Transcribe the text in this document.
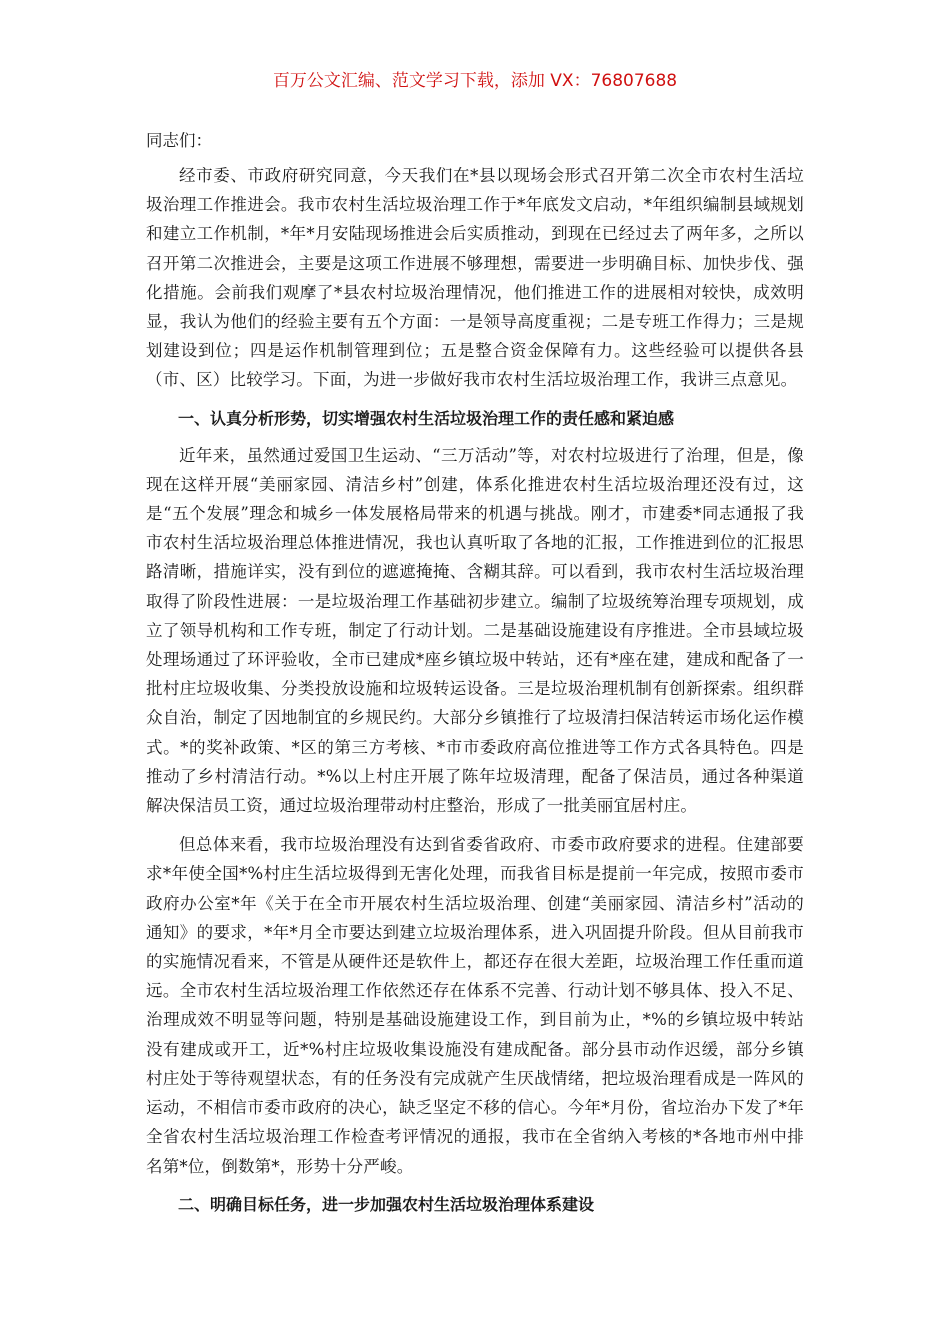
百万公文汇编、范文学习下载，添加 VX：76807688
同志们：

经市委、市政府研究同意，今天我们在*县以现场会形式召开第二次全市农村生活垃圾治理工作推进会。我市农村生活垃圾治理工作于*年底发文启动，*年组织编制县域规划和建立工作机制，*年*月安陆现场推进会后实质推动，到现在已经过去了两年多，之所以召开第二次推进会，主要是这项工作进展不够理想，需要进一步明确目标、加快步伐、强化措施。会前我们观摩了*县农村垃圾治理情况，他们推进工作的进展相对较快，成效明显，我认为他们的经验主要有五个方面：一是领导高度重视；二是专班工作得力；三是规划建设到位；四是运作机制管理到位；五是整合资金保障有力。这些经验可以提供各县（市、区）比较学习。下面，为进一步做好我市农村生活垃圾治理工作，我讲三点意见。

一、认真分析形势，切实增强农村生活垃圾治理工作的责任感和紧迫感

近年来，虽然通过爱国卫生运动、“三万活动”等，对农村垃圾进行了治理，但是，像现在这样开展“美丽家园、清洁乡村”创建，体系化推进农村生活垃圾治理还没有过，这是“五个发展”理念和城乡一体发展格局带来的机遇与挑战。刚才，市建委*同志通报了我市农村生活垃圾治理总体推进情况，我也认真听取了各地的汇报，工作推进到位的汇报思路清晰，措施详实，没有到位的遮遮掩掩、含糊其辞。可以看到，我市农村生活垃圾治理取得了阶段性进展：一是垃圾治理工作基础初步建立。编制了垃圾统筹治理专项规划，成立了领导机构和工作专班，制定了行动计划。二是基础设施建设有序推进。全市县域垃圾处理场通过了环评验收，全市已建成*座乡镇垃圾中转站，还有*座在建，建成和配备了一批村庄垃圾收集、分类投放设施和垃圾转运设备。三是垃圾治理机制有创新探索。组织群众自治，制定了因地制宜的乡规民约。大部分乡镇推行了垃圾清扫保洁转运市场化运作模式。*的奖补政策、*区的第三方考核、*市市委政府高位推进等工作方式各具特色。四是推动了乡村清洁行动。*%以上村庄开展了陈年垃圾清理，配备了保洁员，通过各种渠道解决保洁员工资，通过垃圾治理带动村庄整治，形成了一批美丽宜居村庄。

但总体来看，我市垃圾治理没有达到省委省政府、市委市政府要求的进程。住建部要求*年使全国*%村庄生活垃圾得到无害化处理，而我省目标是提前一年完成，按照市委市政府办公室*年《关于在全市开展农村生活垃圾治理、创建“美丽家园、清洁乡村”活动的通知》的要求，*年*月全市要达到建立垃圾治理体系，进入巩固提升阶段。但从目前我市的实施情况看来，不管是从硬件还是软件上，都还存在很大差距，垃圾治理工作任重而道远。全市农村生活垃圾治理工作依然还存在体系不完善、行动计划不够具体、投入不足、治理成效不明显等问题，特别是基础设施建设工作，到目前为止，*%的乡镇垃圾中转站没有建成或开工，近*%村庄垃圾收集设施没有建成配备。部分县市动作迟缓，部分乡镇村庄处于等待观望状态，有的任务没有完成就产生厌战情绪，把垃圾治理看成是一阵风的运动，不相信市委市政府的决心，缺乏坚定不移的信心。今年*月份，省垃治办下发了*年全省农村生活垃圾治理工作检查考评情况的通报，我市在全省纳入考核的*各地市州中排名第*位，倒数第*，形势十分严峻。

二、明确目标任务，进一步加强农村生活垃圾治理体系建设
